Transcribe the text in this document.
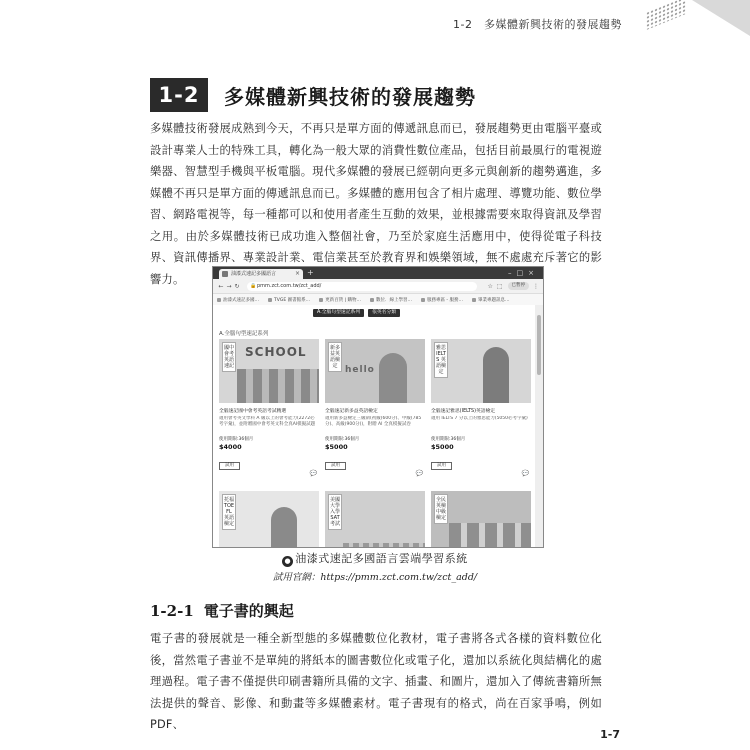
1-2　多媒體新興技術的發展趨勢
1-2	多媒體新興技術的發展趨勢
多媒體技術發展成熟到今天，不再只是單方面的傳遞訊息而已，發展趨勢更由電腦平臺或設計專業人士的特殊工具，轉化為一般大眾的消費性數位產品，包括目前最風行的電視遊樂器、智慧型手機與平板電腦。現代多媒體的發展已經朝向更多元與創新的趨勢邁進，多媒體不再只是單方面的傳遞訊息而已。多媒體的應用包含了相片處理、導覽功能、數位學習、網路電視等，每一種都可以和使用者產生互動的效果，並根據需要來取得資訊及學習之用。由於多媒體技術已成功進入整個社會，乃至於家庭生活應用中，使得從電子科技界、資訊傳播界、專業設計業、電信業甚至於教育界和娛樂領域，無不處處充斥著它的影響力。	油漆式速記多國語言	× +	–□×
← → ↻ 🔒 pmm.zct.com.tw/zct_add/	☆ ⬚	已暫停	⋮
油漆式速記多國…	TVGE 圖書館系…	更新百貨 | 購物…	數位．線上學習…	服務專區 - 服務…	畢業專題訊息…
A.全腦句型速記系列	依英名分類
A.全腦句型速記系列
SCHOOL
國中會考英語速記
全腦速記國中會考英語考試精選
適用會考英文學科 A 級以上的會考能力(2272必考字彙)，並附贈國中會考英文科全真AI模擬試題
使用期限:36個月
$4000
試用
💬
hello
新多益英語檢定
全腦速記新多益英語檢定
適用新多益檢定三級制(初級(600分)、中級(785分)、高級(900分))，附贈 AI 全真模擬試卷
使用期限:36個月
$5000
試用
💬
雅思 IELTS 英語檢定
全腦速記雅思(IELTS)英語檢定
適用 IELTS 7 分以上的雅思能力(5050必考字彙)
使用期限:36個月
$5000
試用
💬
托福 TOEFL 英語檢定
美國大學入學 SAT 考試
全民英檢中級檢定
● 油漆式速記多國語言雲端學習系統
試用官網：https://pmm.zct.com.tw/zct_add/
1-2-1 電子書的興起
電子書的發展就是一種全新型態的多媒體數位化教材，電子書將各式各樣的資料數位化後，當然電子書並不是單純的將紙本的圖書數位化或電子化，還加以系統化與結構化的處理過程。電子書不僅提供印刷書籍所具備的文字、插畫、和圖片，還加入了傳統書籍所無法提供的聲音、影像、和動畫等多媒體素材。電子書現有的格式，尚在百家爭鳴，例如 PDF、
1-7
